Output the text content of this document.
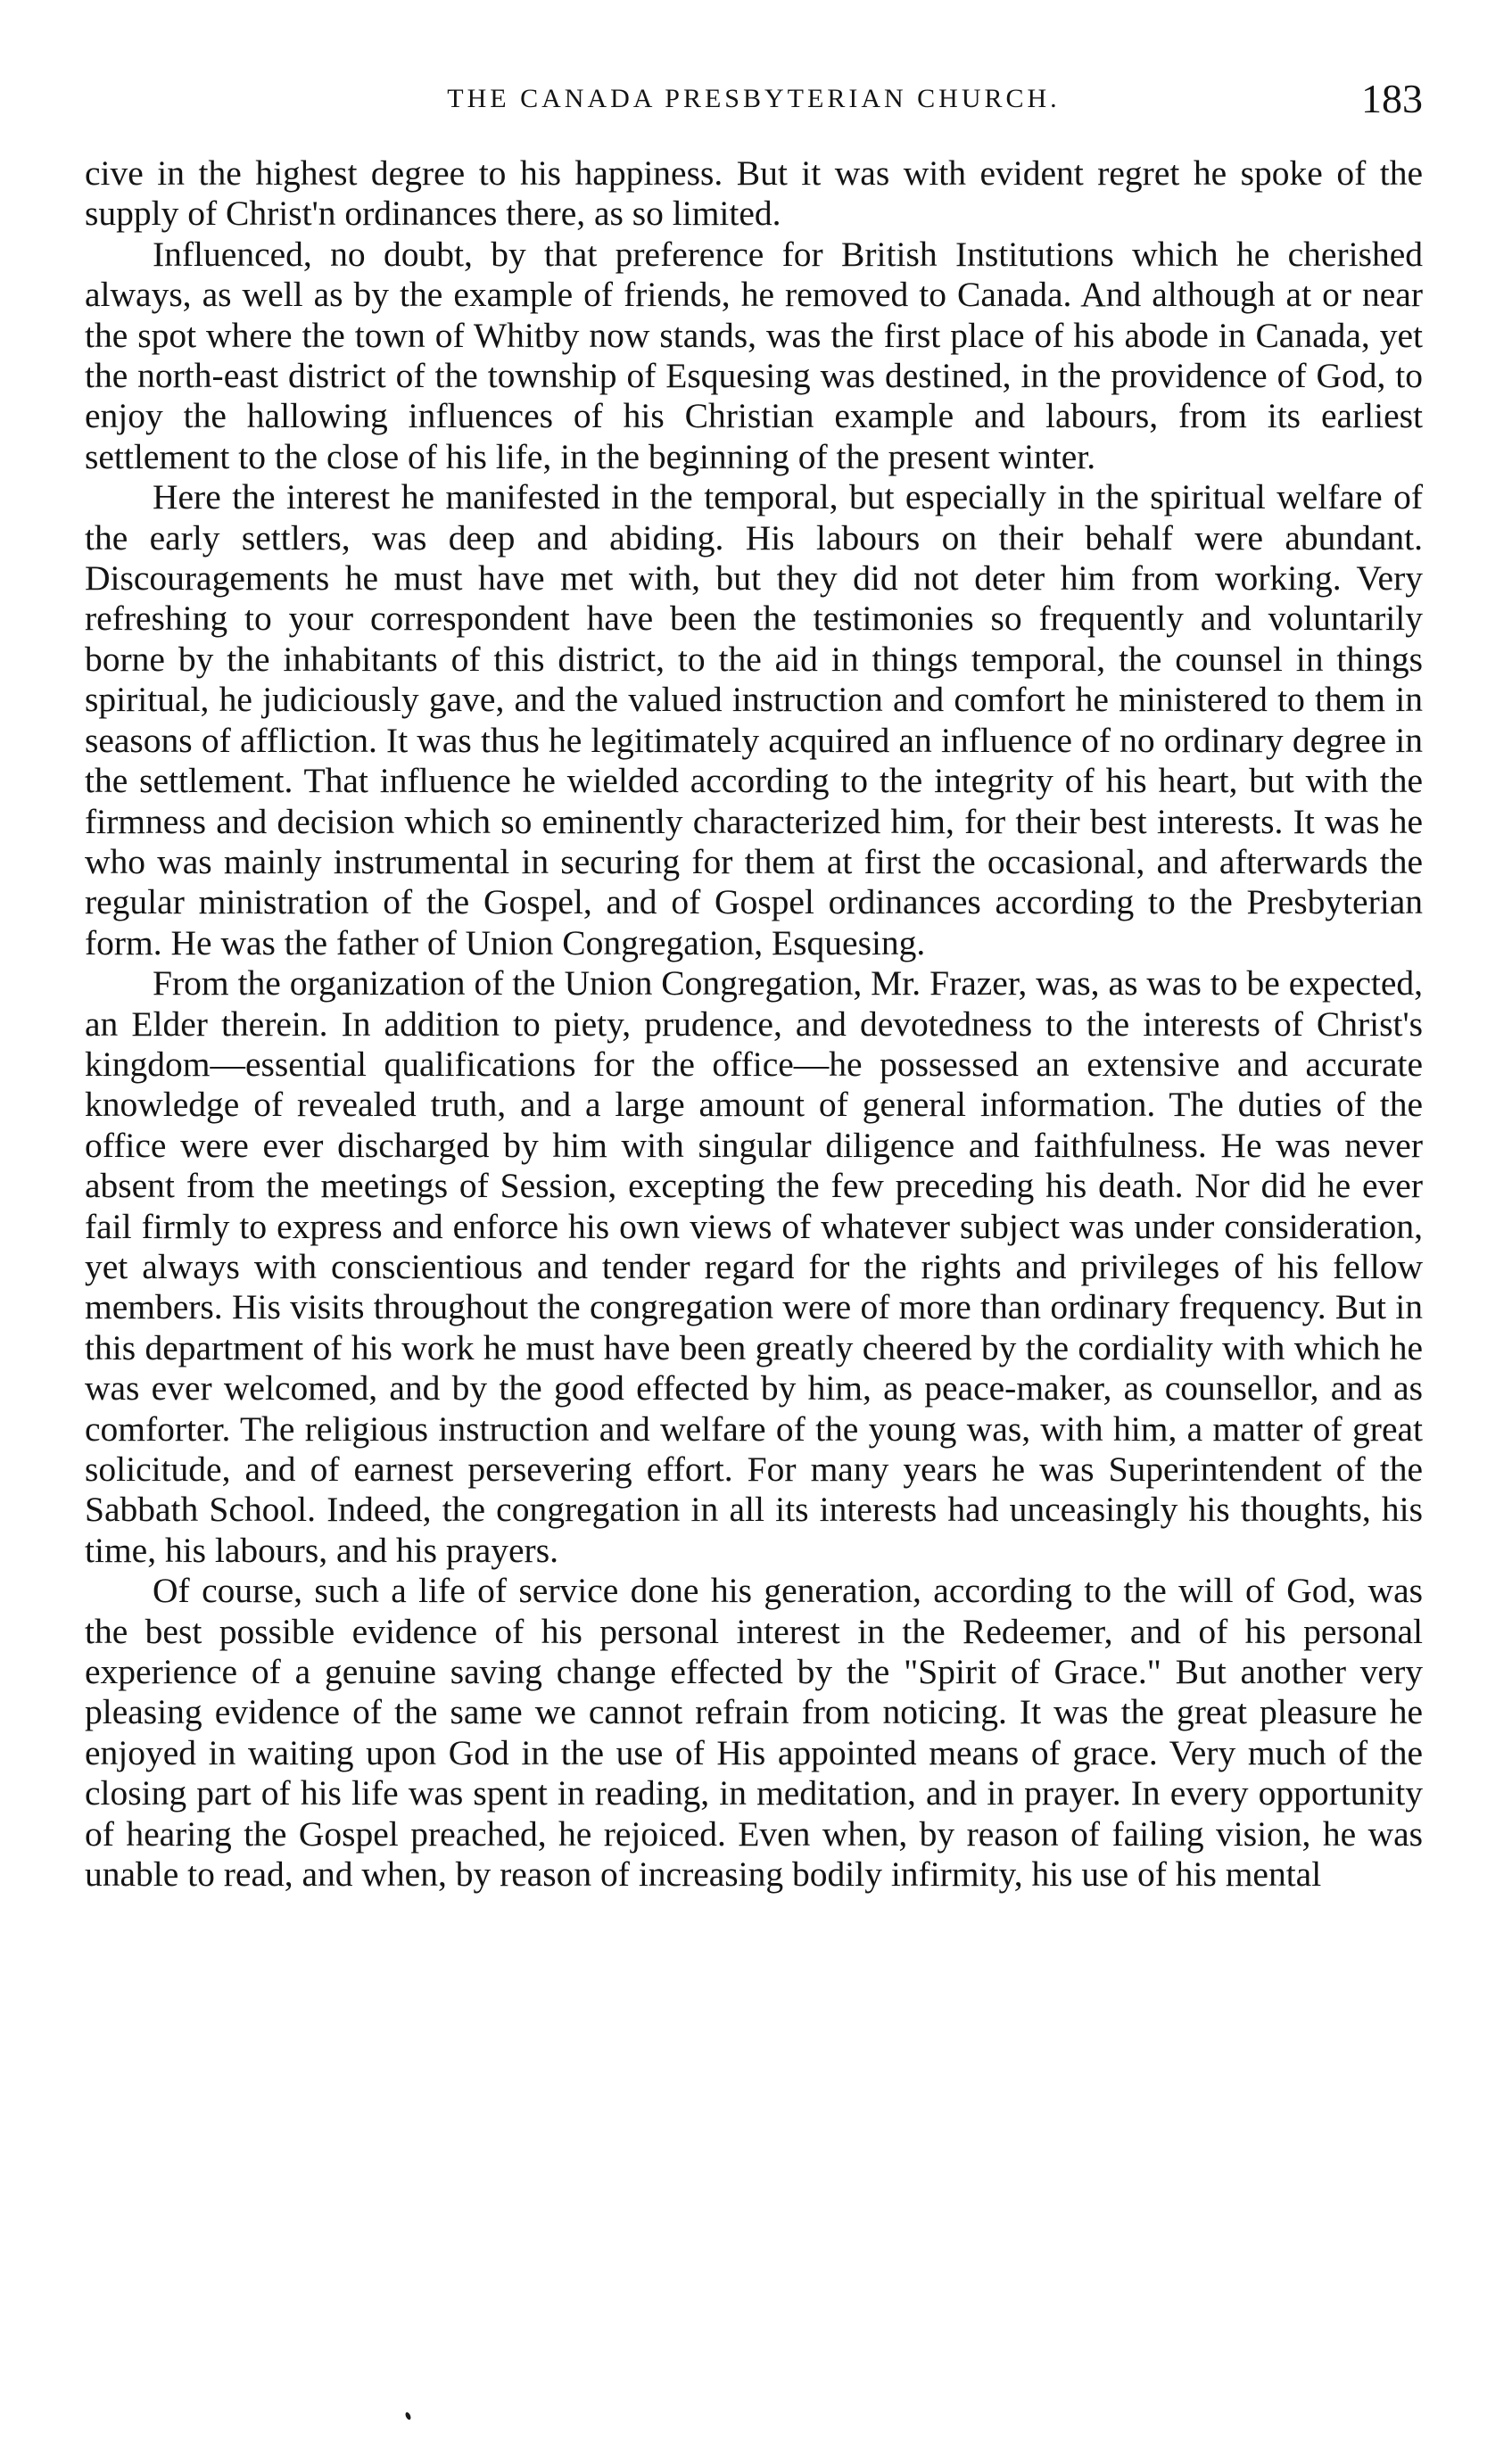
THE CANADA PRESBYTERIAN CHURCH.	183

cive in the highest degree to his happiness. But it was with evident regret he spoke of the supply of Christ'n ordinances there, as so limited.

Influenced, no doubt, by that preference for British Institutions which he cherished always, as well as by the example of friends, he removed to Canada. And although at or near the spot where the town of Whitby now stands, was the first place of his abode in Canada, yet the north-east district of the township of Esquesing was destined, in the providence of God, to enjoy the hallowing influences of his Christian example and labours, from its earliest settlement to the close of his life, in the beginning of the present winter.

Here the interest he manifested in the temporal, but especially in the spiritual welfare of the early settlers, was deep and abiding. His labours on their behalf were abundant. Discouragements he must have met with, but they did not deter him from working. Very refreshing to your correspondent have been the testimonies so frequently and voluntarily borne by the inhabitants of this district, to the aid in things temporal, the counsel in things spiritual, he judiciously gave, and the valued instruction and comfort he ministered to them in seasons of affliction. It was thus he legitimately acquired an influence of no ordinary degree in the settlement. That influence he wielded according to the integrity of his heart, but with the firmness and decision which so eminently characterized him, for their best interests. It was he who was mainly instrumental in securing for them at first the occasional, and afterwards the regular ministration of the Gospel, and of Gospel ordinances according to the Presbyterian form. He was the father of Union Congregation, Esquesing.

From the organization of the Union Congregation, Mr. Frazer, was, as was to be expected, an Elder therein. In addition to piety, prudence, and devotedness to the interests of Christ's kingdom—essential qualifications for the office—he possessed an extensive and accurate knowledge of revealed truth, and a large amount of general information. The duties of the office were ever discharged by him with singular diligence and faithfulness. He was never absent from the meetings of Session, excepting the few preceding his death. Nor did he ever fail firmly to express and enforce his own views of whatever subject was under consideration, yet always with conscientious and tender regard for the rights and privileges of his fellow members. His visits throughout the congregation were of more than ordinary frequency. But in this department of his work he must have been greatly cheered by the cordiality with which he was ever welcomed, and by the good effected by him, as peace-maker, as counsellor, and as comforter. The religious instruction and welfare of the young was, with him, a matter of great solicitude, and of earnest persevering effort. For many years he was Superintendent of the Sabbath School. Indeed, the congregation in all its interests had unceasingly his thoughts, his time, his labours, and his prayers.

Of course, such a life of service done his generation, according to the will of God, was the best possible evidence of his personal interest in the Redeemer, and of his personal experience of a genuine saving change effected by the "Spirit of Grace." But another very pleasing evidence of the same we cannot refrain from noticing. It was the great pleasure he enjoyed in waiting upon God in the use of His appointed means of grace. Very much of the closing part of his life was spent in reading, in meditation, and in prayer. In every opportunity of hearing the Gospel preached, he rejoiced. Even when, by reason of failing vision, he was unable to read, and when, by reason of increasing bodily infirmity, his use of his mental
